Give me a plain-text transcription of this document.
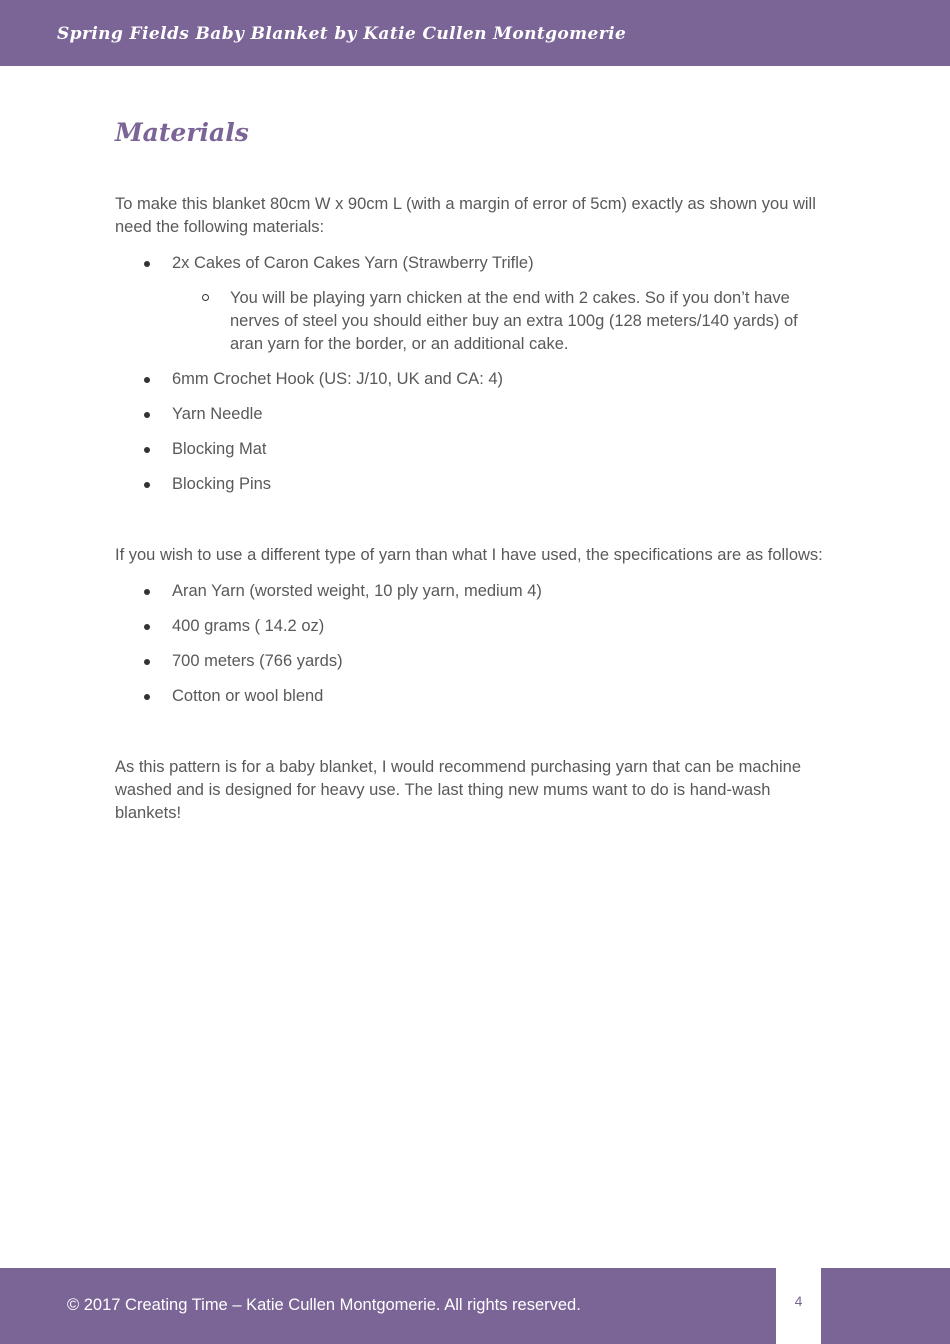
Spring Fields Baby Blanket by Katie Cullen Montgomerie
Materials

To make this blanket 80cm W x 90cm L (with a margin of error of 5cm) exactly as shown you will need the following materials:

2x Cakes of Caron Cakes Yarn (Strawberry Trifle)
You will be playing yarn chicken at the end with 2 cakes. So if you don’t have nerves of steel you should either buy an extra 100g (128 meters/140 yards) of aran yarn for the border, or an additional cake.
6mm Crochet Hook (US: J/10, UK and CA: 4)
Yarn Needle
Blocking Mat
Blocking Pins

If you wish to use a different type of yarn than what I have used, the specifications are as follows:

Aran Yarn (worsted weight, 10 ply yarn, medium 4)
400 grams ( 14.2 oz)
700 meters (766 yards)
Cotton or wool blend

As this pattern is for a baby blanket, I would recommend purchasing yarn that can be machine washed and is designed for heavy use. The last thing new mums want to do is hand-wash blankets!

© 2017 Creating Time – Katie Cullen Montgomerie. All rights reserved.	4
